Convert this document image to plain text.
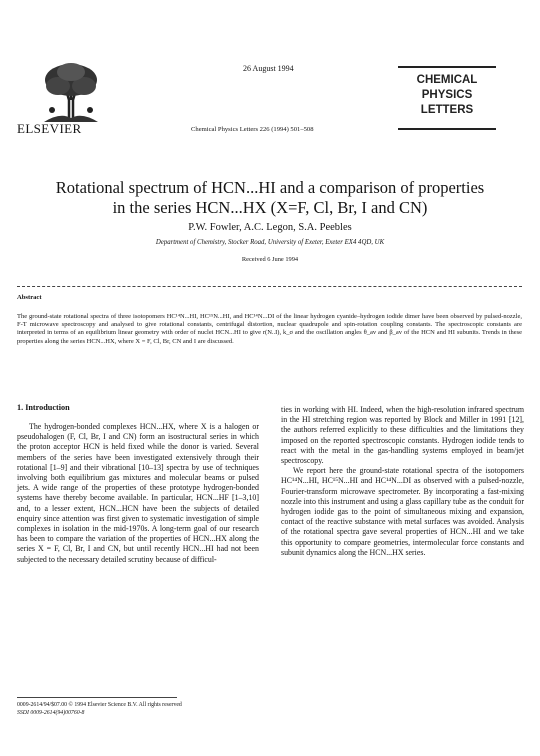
ELSEVIER
26 August 1994
Chemical Physics Letters 226 (1994) 501–508
CHEMICAL
PHYSICS
LETTERS
Rotational spectrum of HCN...HI and a comparison of properties
in the series HCN...HX (X=F, Cl, Br, I and CN)
P.W. Fowler, A.C. Legon, S.A. Peebles
Department of Chemistry, Stocker Road, University of Exeter, Exeter EX4 4QD, UK
Received 6 June 1994
Abstract
The ground-state rotational spectra of three isotopomers HC¹⁴N...HI, HC¹⁵N...HI, and HC¹⁴N...DI of the linear hydrogen cyanide–hydrogen iodide dimer have been observed by pulsed-nozzle, F-T microwave spectroscopy and analysed to give rotational constants, centrifugal distortion, nuclear quadrupole and spin-rotation coupling constants. The spectroscopic constants are interpreted in terms of an equilibrium linear geometry with order of nuclei HCN...HI to give r(N..I), k_σ and the oscillation angles θ_av and β_av of the HCN and HI subunits. Trends in these properties along the series HCN...HX, where X = F, Cl, Br, CN and I are discussed.
1. Introduction

The hydrogen-bonded complexes HCN...HX, where X is a halogen or pseudohalogen (F, Cl, Br, I and CN) form an isostructural series in which the proton acceptor HCN is held fixed while the donor is varied. Several members of the series have been investigated extensively through their rotational [1–9] and their vibrational [10–13] spectra by use of techniques involving both equilibrium gas mixtures and molecular beams or pulsed jets. A wide range of the properties of these prototype hydrogen-bonded systems have thereby become available. In particular, HCN...HF [1–3,10] and, to a lesser extent, HCN...HCN have been the subjects of detailed enquiry since attention was first given to systematic investigation of simple complexes in isolation in the mid-1970s. A long-term goal of our research has been to compare the variation of the properties of HCN...HX along the series X = F, Cl, Br, I and CN, but until recently HCN...HI had not been subjected to the necessary detailed scrutiny because of difficul-

ties in working with HI. Indeed, when the high-resolution infrared spectrum in the HI stretching region was reported by Block and Miller in 1991 [12], the authors referred explicitly to these difficulties and the limitations they imposed on the reported spectroscopic constants. Hydrogen iodide tends to react with the metal in the gas-handling systems employed in beam/jet spectroscopy.

We report here the ground-state rotational spectra of the isotopomers HC¹⁴N...HI, HC¹⁵N...HI and HC¹⁴N...DI as observed with a pulsed-nozzle, Fourier-transform microwave spectrometer. By incorporating a fast-mixing nozzle into this instrument and using a glass capillary tube as the conduit for hydrogen iodide gas to the point of simultaneous mixing and expansion, contact of the reactive substance with metal surfaces was avoided. Analysis of the rotational spectra gave several properties of HCN...HI and we take this opportunity to compare geometries, intermolecular force constants and subunit dynamics along the HCN...HX series.

0009-2614/94/$07.00 © 1994 Elsevier Science B.V. All rights reserved
SSDI 0009-2614(94)00760-8
